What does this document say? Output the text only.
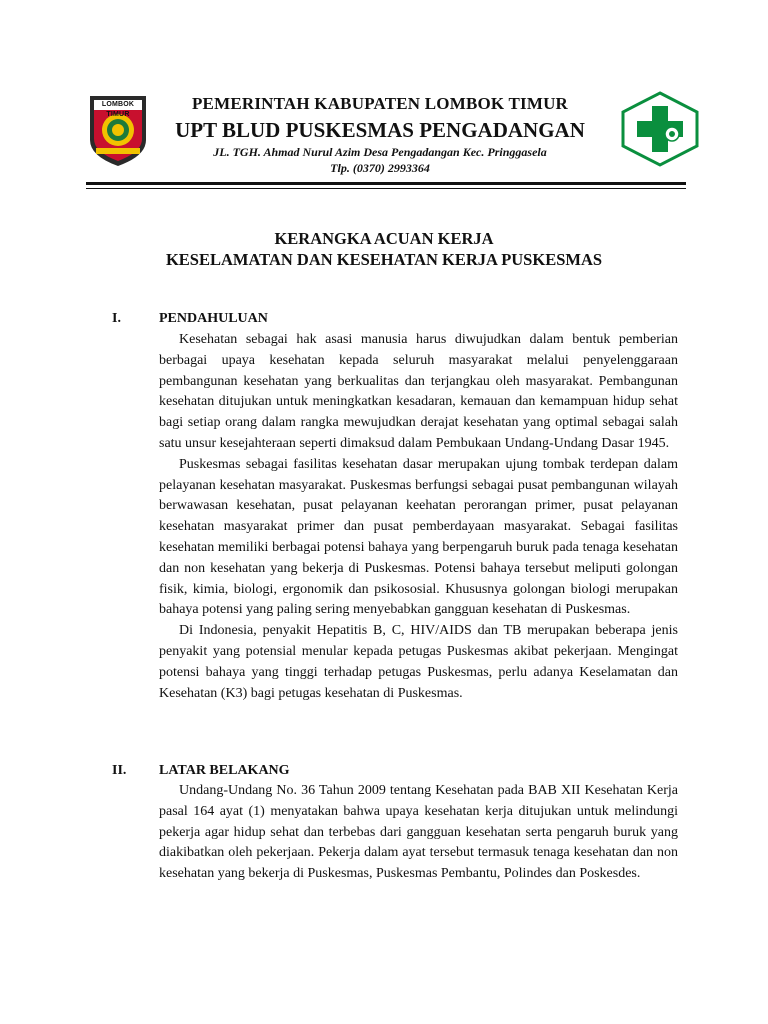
LOMBOK TIMUR
PEMERINTAH KABUPATEN LOMBOK TIMUR
UPT BLUD PUSKESMAS PENGADANGAN
JL. TGH. Ahmad Nurul Azim Desa Pengadangan Kec. Pringgasela
Tlp. (0370) 2993364
KERANGKA ACUAN KERJA
KESELAMATAN DAN KESEHATAN KERJA PUSKESMAS
I.	PENDAHULUAN

Kesehatan sebagai hak asasi manusia harus diwujudkan dalam bentuk pemberian berbagai upaya kesehatan kepada seluruh masyarakat melalui penyelenggaraan pembangunan kesehatan yang berkualitas dan terjangkau oleh masyarakat. Pembangunan kesehatan ditujukan untuk meningkatkan kesadaran, kemauan dan kemampuan hidup sehat bagi setiap orang dalam rangka mewujudkan derajat kesehatan yang optimal sebagai salah satu unsur kesejahteraan seperti dimaksud dalam Pembukaan Undang-Undang Dasar 1945.

Puskesmas sebagai fasilitas kesehatan dasar merupakan ujung tombak terdepan dalam pelayanan kesehatan masyarakat. Puskesmas berfungsi sebagai pusat pembangunan wilayah berwawasan kesehatan, pusat pelayanan keehatan perorangan primer, pusat pelayanan kesehatan masyarakat primer dan pusat pemberdayaan masyarakat. Sebagai fasilitas kesehatan memiliki berbagai potensi bahaya yang berpengaruh buruk pada tenaga kesehatan dan non kesehatan yang bekerja di Puskesmas. Potensi bahaya tersebut meliputi golongan fisik, kimia, biologi, ergonomik dan psikososial. Khususnya golongan biologi merupakan bahaya potensi yang paling sering menyebabkan gangguan kesehatan di Puskesmas.

Di Indonesia, penyakit Hepatitis B, C, HIV/AIDS dan TB merupakan beberapa jenis penyakit yang potensial menular kepada petugas Puskesmas akibat pekerjaan. Mengingat potensi bahaya yang tinggi terhadap petugas Puskesmas, perlu adanya Keselamatan dan Kesehatan (K3) bagi petugas kesehatan di Puskesmas.

II. LATAR BELAKANG

Undang-Undang No. 36 Tahun 2009 tentang Kesehatan pada BAB XII Kesehatan Kerja pasal 164 ayat (1) menyatakan bahwa upaya kesehatan kerja ditujukan untuk melindungi pekerja agar hidup sehat dan terbebas dari gangguan kesehatan serta pengaruh buruk yang diakibatkan oleh pekerjaan. Pekerja dalam ayat tersebut termasuk tenaga kesehatan dan non kesehatan yang bekerja di Puskesmas, Puskesmas Pembantu, Polindes dan Poskesdes.
